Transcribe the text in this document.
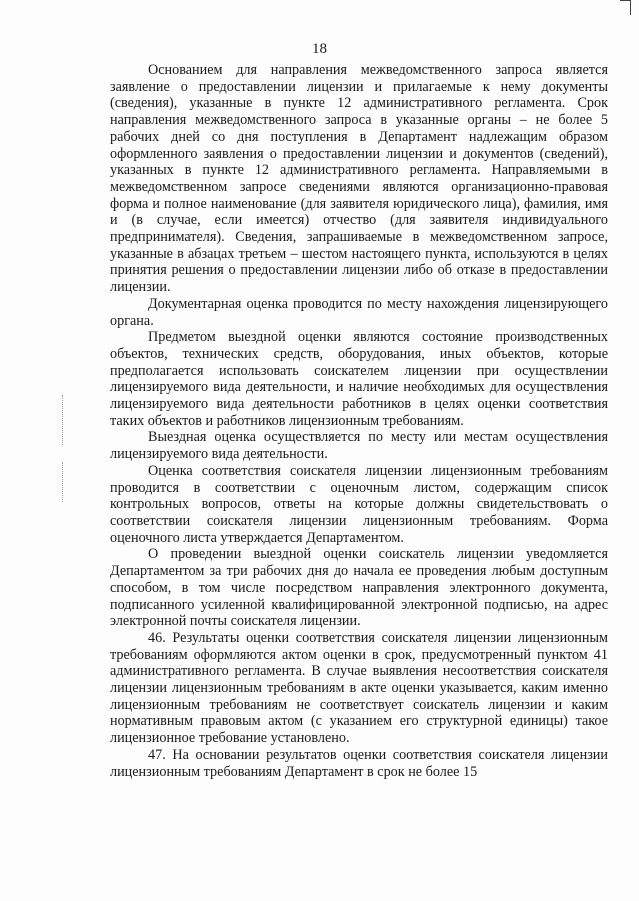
18

Основанием для направления межведомственного запроса является заявление о предоставлении лицензии и прилагаемые к нему документы (сведения), указанные в пункте 12 административного регламента. Срок направления межведомственного запроса в указанные органы – не более 5 рабочих дней со дня поступления в Департамент надлежащим образом оформленного заявления о предоставлении лицензии и документов (сведений), указанных в пункте 12 административного регламента. Направляемыми в межведомственном запросе сведениями являются организационно-правовая форма и полное наименование (для заявителя юридического лица), фамилия, имя и (в случае, если имеется) отчество (для заявителя индивидуального предпринимателя). Сведения, запрашиваемые в межведомственном запросе, указанные в абзацах третьем – шестом настоящего пункта, используются в целях принятия решения о предоставлении лицензии либо об отказе в предоставлении лицензии.

Документарная оценка проводится по месту нахождения лицензирующего органа.

Предметом выездной оценки являются состояние производственных объектов, технических средств, оборудования, иных объектов, которые предполагается использовать соискателем лицензии при осуществлении лицензируемого вида деятельности, и наличие необходимых для осуществления лицензируемого вида деятельности работников в целях оценки соответствия таких объектов и работников лицензионным требованиям.

Выездная оценка осуществляется по месту или местам осуществления лицензируемого вида деятельности.

Оценка соответствия соискателя лицензии лицензионным требованиям проводится в соответствии с оценочным листом, содержащим список контрольных вопросов, ответы на которые должны свидетельствовать о соответствии соискателя лицензии лицензионным требованиям. Форма оценочного листа утверждается Департаментом.

О проведении выездной оценки соискатель лицензии уведомляется Департаментом за три рабочих дня до начала ее проведения любым доступным способом, в том числе посредством направления электронного документа, подписанного усиленной квалифицированной электронной подписью, на адрес электронной почты соискателя лицензии.

46. Результаты оценки соответствия соискателя лицензии лицензионным требованиям оформляются актом оценки в срок, предусмотренный пунктом 41 административного регламента. В случае выявления несоответствия соискателя лицензии лицензионным требованиям в акте оценки указывается, каким именно лицензионным требованиям не соответствует соискатель лицензии и каким нормативным правовым актом (с указанием его структурной единицы) такое лицензионное требование установлено.

47. На основании результатов оценки соответствия соискателя лицензии лицензионным требованиям Департамент в срок не более 15
